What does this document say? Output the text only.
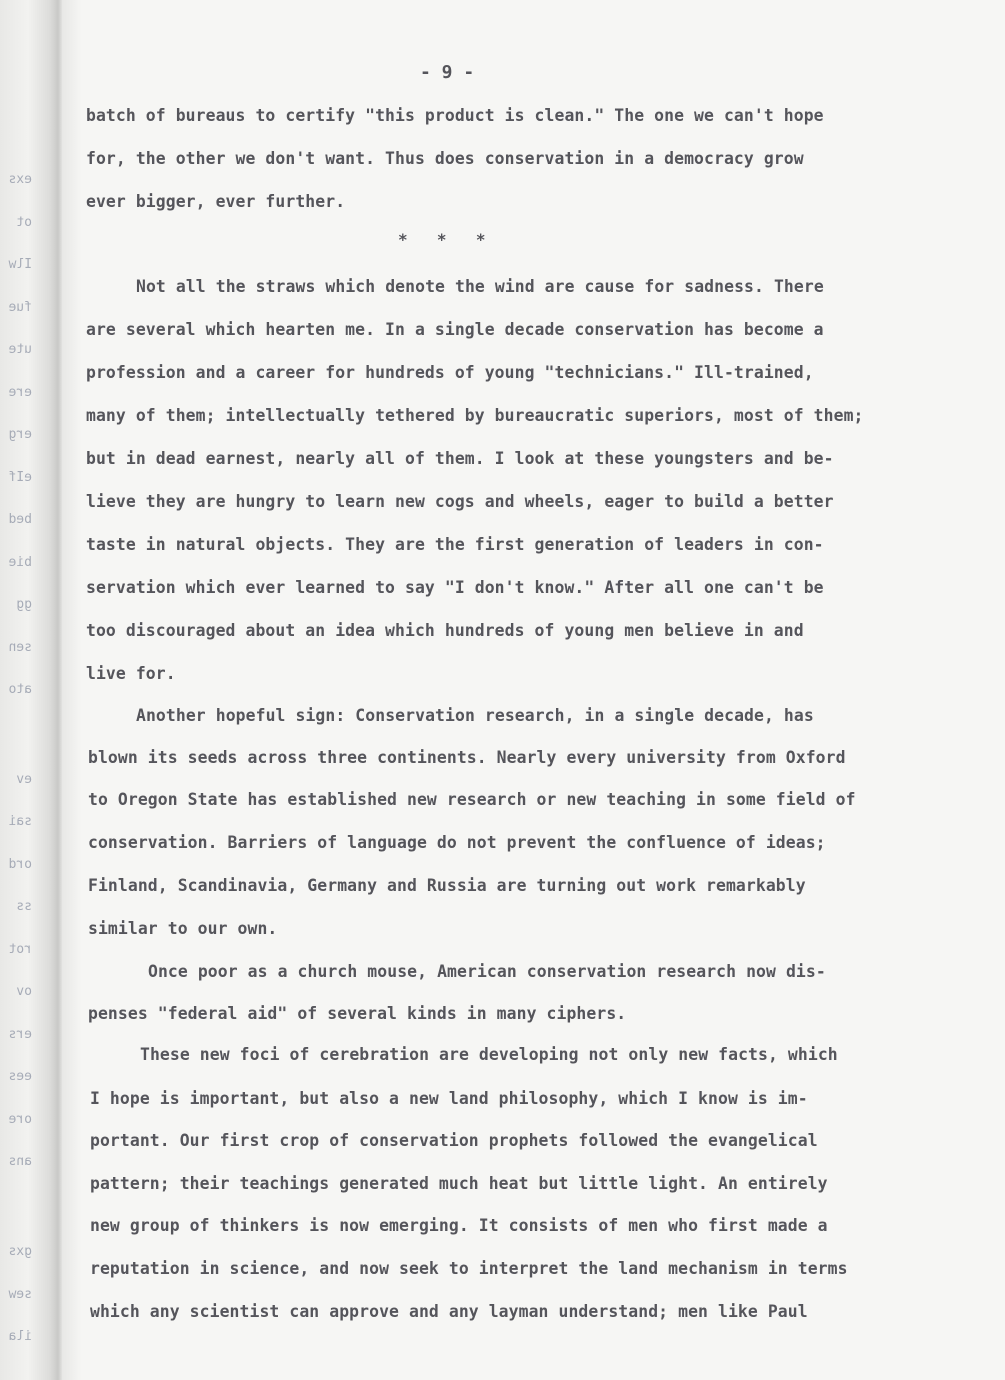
exs
ot
Ilw
fue
ute
ere
erg
eIf
bed
bie
gg
sen
ato
ev
sai
ord
ss
rot
ov
ers
ees
ore
ans
gxs
sew
ila
- 9 -
batch of bureaus to certify "this product is clean." The one we can't hope
for, the other we don't want. Thus does conservation in a democracy grow
ever bigger, ever further.
*   *   *
Not all the straws which denote the wind are cause for sadness. There
are several which hearten me. In a single decade conservation has become a
profession and a career for hundreds of young "technicians." Ill-trained,
many of them; intellectually tethered by bureaucratic superiors, most of them;
but in dead earnest, nearly all of them. I look at these youngsters and be-
lieve they are hungry to learn new cogs and wheels, eager to build a better
taste in natural objects. They are the first generation of leaders in con-
servation which ever learned to say "I don't know." After all one can't be
too discouraged about an idea which hundreds of young men believe in and
live for.
Another hopeful sign: Conservation research, in a single decade, has
blown its seeds across three continents. Nearly every university from Oxford
to Oregon State has established new research or new teaching in some field of
conservation. Barriers of language do not prevent the confluence of ideas;
Finland, Scandinavia, Germany and Russia are turning out work remarkably
similar to our own.
Once poor as a church mouse, American conservation research now dis-
penses "federal aid" of several kinds in many ciphers.
These new foci of cerebration are developing not only new facts, which
I hope is important, but also a new land philosophy, which I know is im-
portant. Our first crop of conservation prophets followed the evangelical
pattern; their teachings generated much heat but little light. An entirely
new group of thinkers is now emerging. It consists of men who first made a
reputation in science, and now seek to interpret the land mechanism in terms
which any scientist can approve and any layman understand; men like Paul
